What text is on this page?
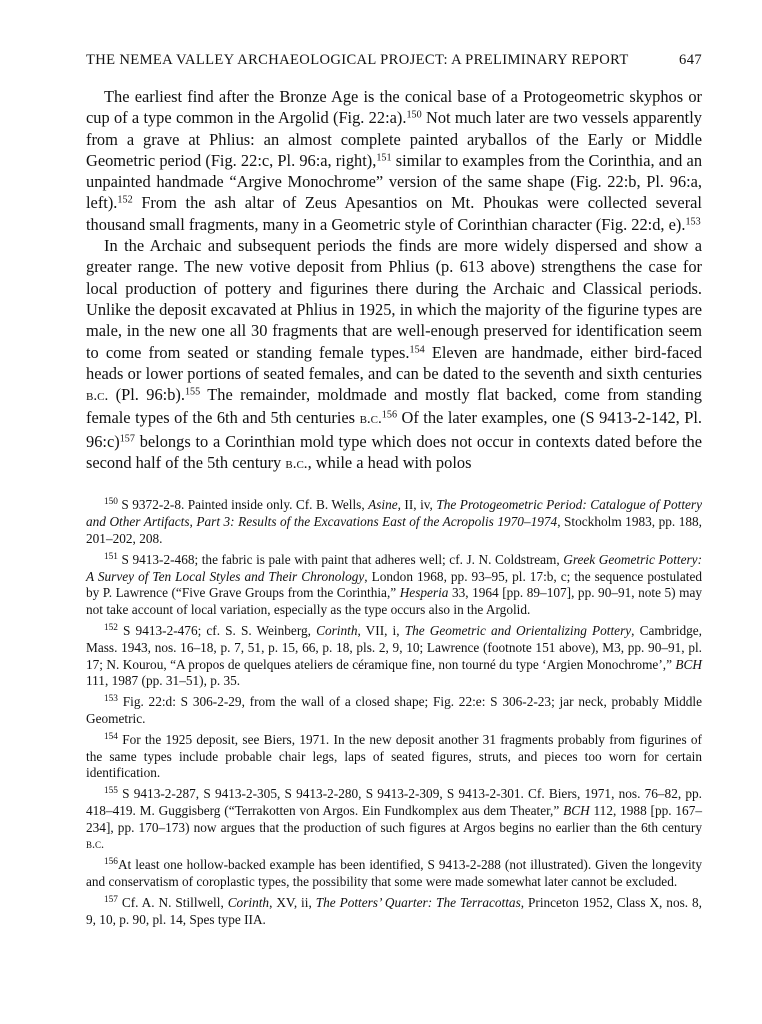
THE NEMEA VALLEY ARCHAEOLOGICAL PROJECT: A PRELIMINARY REPORT	647

The earliest find after the Bronze Age is the conical base of a Protogeometric skyphos or cup of a type common in the Argolid (Fig. 22:a).$^{150}$ Not much later are two vessels apparently from a grave at Phlius: an almost complete painted aryballos of the Early or Middle Geometric period (Fig. 22:c, Pl. 96:a, right),$^{151}$ similar to examples from the Corinthia, and an unpainted handmade “Argive Monochrome” version of the same shape (Fig. 22:b, Pl. 96:a, left).$^{152}$ From the ash altar of Zeus Apesantios on Mt. Phoukas were collected several thousand small fragments, many in a Geometric style of Corinthian character (Fig. 22:d, e).$^{153}$

In the Archaic and subsequent periods the finds are more widely dispersed and show a greater range. The new votive deposit from Phlius (p. 613 above) strengthens the case for local production of pottery and figurines there during the Archaic and Classical periods. Unlike the deposit excavated at Phlius in 1925, in which the majority of the figurine types are male, in the new one all 30 fragments that are well-enough preserved for identification seem to come from seated or standing female types.$^{154}$ Eleven are handmade, either bird-faced heads or lower portions of seated females, and can be dated to the seventh and sixth centuries b.c. (Pl. 96:b).$^{155}$ The remainder, moldmade and mostly flat backed, come from standing female types of the 6th and 5th centuries b.c.$^{156}$ Of the later examples, one (S 9413-2-142, Pl. 96:c)$^{157}$ belongs to a Corinthian mold type which does not occur in contexts dated before the second half of the 5th century b.c., while a head with polos

$^{150}$ S 9372-2-8. Painted inside only. Cf. B. Wells, Asine, II, iv, The Protogeometric Period: Catalogue of Pottery and Other Artifacts, Part 3: Results of the Excavations East of the Acropolis 1970–1974, Stockholm 1983, pp. 188, 201–202, 208.

$^{151}$ S 9413-2-468; the fabric is pale with paint that adheres well; cf. J. N. Coldstream, Greek Geometric Pottery: A Survey of Ten Local Styles and Their Chronology, London 1968, pp. 93–95, pl. 17:b, c; the sequence postulated by P. Lawrence (“Five Grave Groups from the Corinthia,” Hesperia 33, 1964 [pp. 89–107], pp. 90–91, note 5) may not take account of local variation, especially as the type occurs also in the Argolid.

$^{152}$ S 9413-2-476; cf. S. S. Weinberg, Corinth, VII, i, The Geometric and Orientalizing Pottery, Cambridge, Mass. 1943, nos. 16–18, p. 7, 51, p. 15, 66, p. 18, pls. 2, 9, 10; Lawrence (footnote 151 above), M3, pp. 90–91, pl. 17; N. Kourou, “A propos de quelques ateliers de céramique fine, non tourné du type ‘Argien Monochrome’,” BCH 111, 1987 (pp. 31–51), p. 35.

$^{153}$ Fig. 22:d: S 306-2-29, from the wall of a closed shape; Fig. 22:e: S 306-2-23; jar neck, probably Middle Geometric.

$^{154}$ For the 1925 deposit, see Biers, 1971. In the new deposit another 31 fragments probably from figurines of the same types include probable chair legs, laps of seated figures, struts, and pieces too worn for certain identification.

$^{155}$ S 9413-2-287, S 9413-2-305, S 9413-2-280, S 9413-2-309, S 9413-2-301. Cf. Biers, 1971, nos. 76–82, pp. 418–419. M. Guggisberg (“Terrakotten von Argos. Ein Fundkomplex aus dem Theater,” BCH 112, 1988 [pp. 167–234], pp. 170–173) now argues that the production of such figures at Argos begins no earlier than the 6th century b.c.

$^{156}$At least one hollow-backed example has been identified, S 9413-2-288 (not illustrated). Given the longevity and conservatism of coroplastic types, the possibility that some were made somewhat later cannot be excluded.

$^{157}$ Cf. A. N. Stillwell, Corinth, XV, ii, The Potters’ Quarter: The Terracottas, Princeton 1952, Class X, nos. 8, 9, 10, p. 90, pl. 14, Spes type IIA.
